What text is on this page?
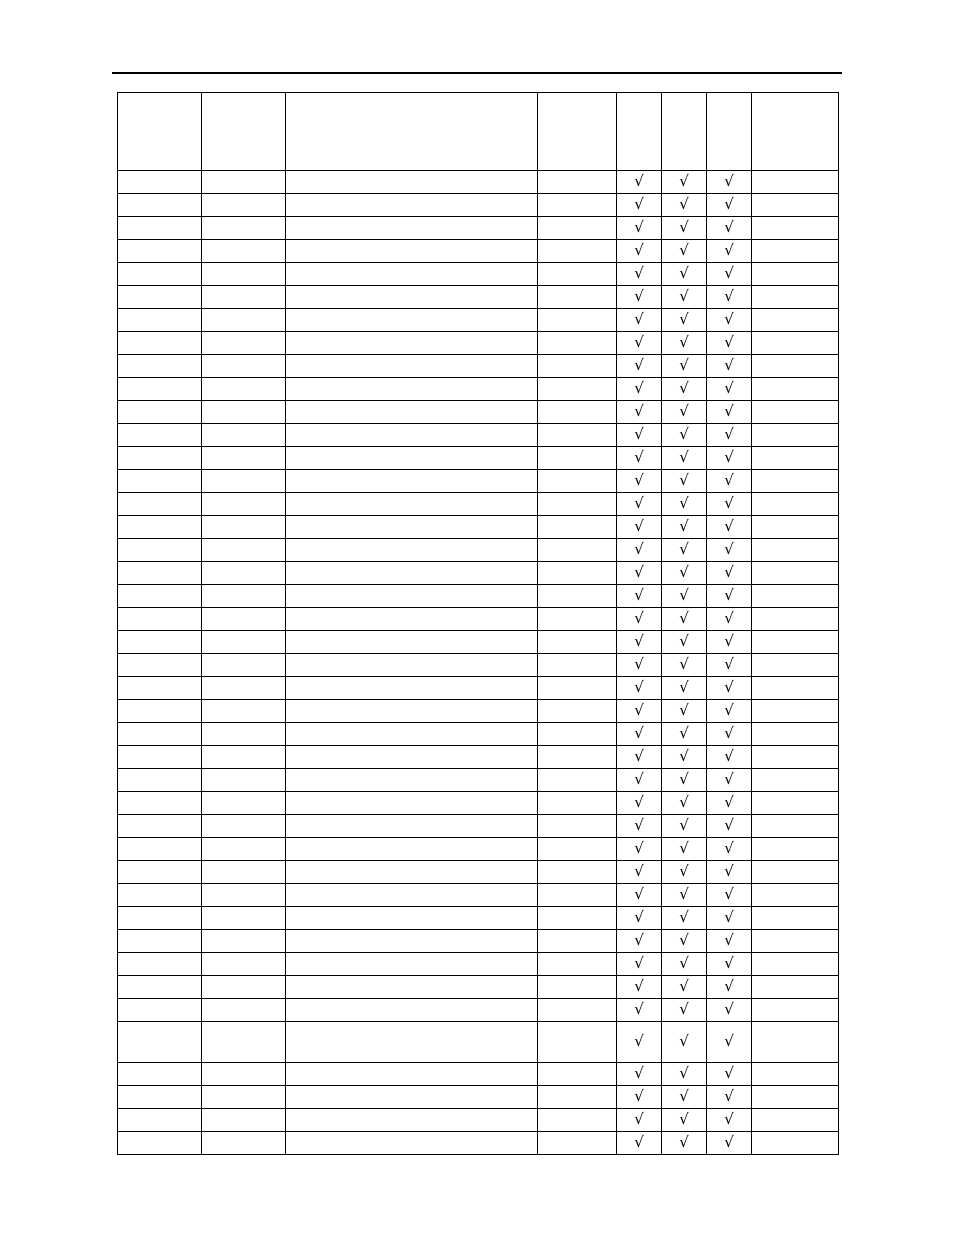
				√	√	√	
				√	√	√	
				√	√	√	
				√	√	√	
				√	√	√	
				√	√	√	
				√	√	√	
				√	√	√	
				√	√	√	
				√	√	√	
				√	√	√	
				√	√	√	
				√	√	√	
				√	√	√	
				√	√	√	
				√	√	√	
				√	√	√	
				√	√	√	
				√	√	√	
				√	√	√	
				√	√	√	
				√	√	√	
				√	√	√	
				√	√	√	
				√	√	√	
				√	√	√	
				√	√	√	
				√	√	√	
				√	√	√	
				√	√	√	
				√	√	√	
				√	√	√	
				√	√	√	
				√	√	√	
				√	√	√	
				√	√	√	
				√	√	√	
				√	√	√	
				√	√	√	
				√	√	√	
				√	√	√	
				√	√	√	
